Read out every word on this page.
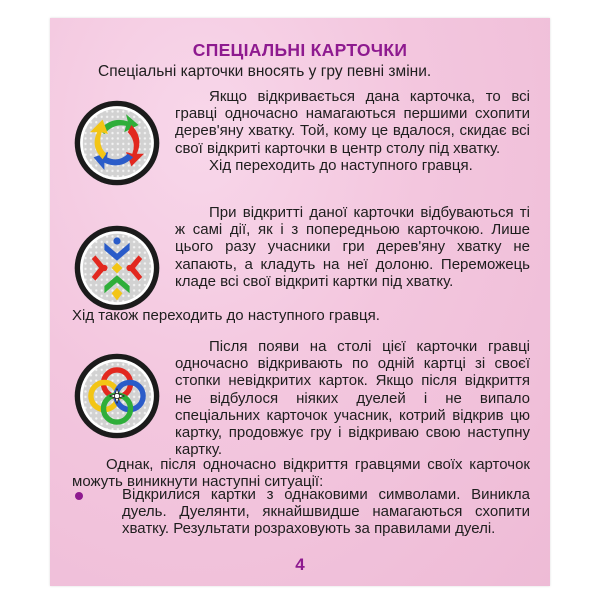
СПЕЦІАЛЬНІ КАРТОЧКИ
Спеціальні карточки вносять у гру певні зміни.

Якщо відкривається дана карточка, то всі гравці одночасно намагаються першими схопити дерев'яну хватку. Той, кому це вдалося, скидає всі свої відкриті карточки в центр столу під хватку.

Хід переходить до наступного гравця.

При відкритті даної карточки відбуваються ті ж самі дії, як і з попередньою карточкою. Лише цього разу учасники гри дерев'яну хватку не хапають, а кладуть на неї долоню. Переможець кладе всі свої відкриті картки під хватку.

Хід також переходить до наступного гравця.

Після появи на столі цієї карточки гравці одночасно відкривають по одній картці зі своєї стопки невідкритих карток. Якщо після відкриття не відбулося ніяких дуелей і не випало спеціальних карточок учасник, котрий відкрив цю картку, продовжує гру і відкриваю свою наступну картку.

Однак, після одночасно відкриття гравцями своїх карточок можуть виникнути наступні ситуації:
Відкрилися картки з однаковими символами. Виникла дуель. Дуелянти, якнайшвидше намагаються схопити хватку. Результати розраховують за правилами дуелі.
4
